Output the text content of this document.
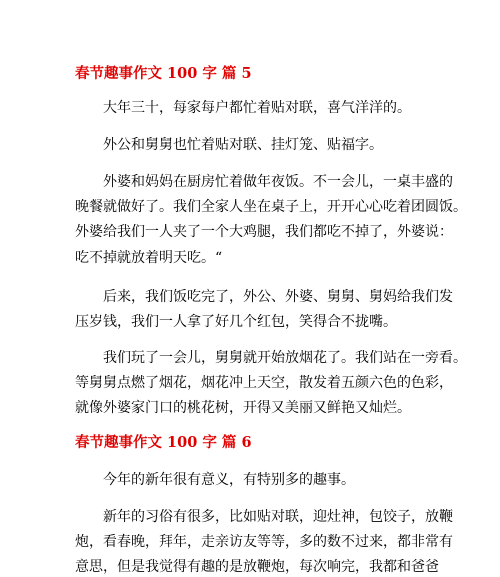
春节趣事作文 100 字 篇 5
大年三十，每家每户都忙着贴对联，喜气洋洋的。
外公和舅舅也忙着贴对联、挂灯笼、贴福字。
外婆和妈妈在厨房忙着做年夜饭。不一会儿，一桌丰盛的
晚餐就做好了。我们全家人坐在桌子上，开开心心吃着团圆饭。
外婆给我们一人夹了一个大鸡腿，我们都吃不掉了，外婆说：
吃不掉就放着明天吃。“
后来，我们饭吃完了，外公、外婆、舅舅、舅妈给我们发
压岁钱，我们一人拿了好几个红包，笑得合不拢嘴。
我们玩了一会儿，舅舅就开始放烟花了。我们站在一旁看。
等舅舅点燃了烟花，烟花冲上天空，散发着五颜六色的色彩，
就像外婆家门口的桃花树，开得又美丽又鲜艳又灿烂。
春节趣事作文 100 字 篇 6
今年的新年很有意义，有特别多的趣事。
新年的习俗有很多，比如贴对联，迎灶神，包饺子，放鞭
炮，看春晚，拜年，走亲访友等等，多的数不过来，都非常有
意思，但是我觉得有趣的是放鞭炮，每次响完，我都和爸爸
